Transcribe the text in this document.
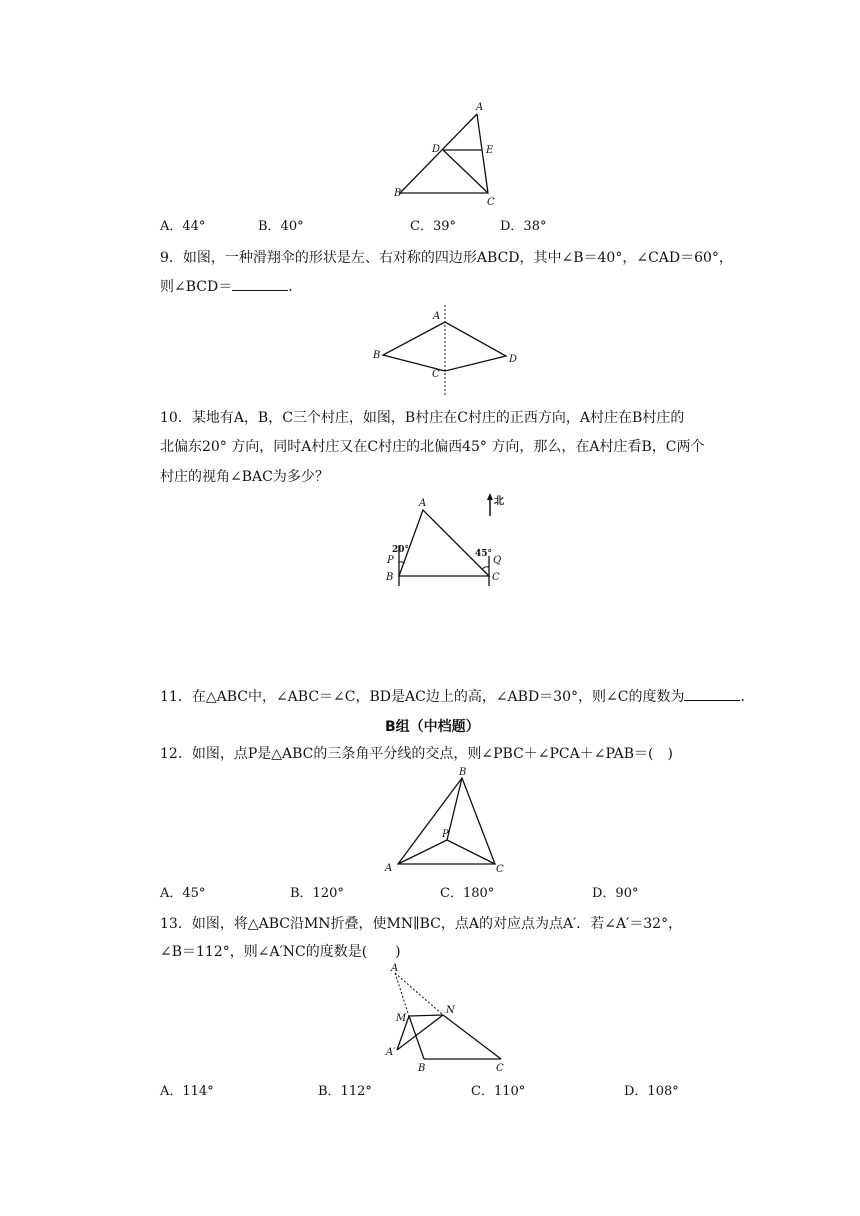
A
D	E
B
C
A．44°	B．40°	C．39°	D．38°
9．如图，一种滑翔伞的形状是左、右对称的四边形ABCD，其中∠B＝40°，∠CAD＝60°，
则∠BCD＝	．
A
B
C
D
10．某地有A，B，C三个村庄，如图，B村庄在C村庄的正西方向，A村庄在B村庄的
北偏东20° 方向，同时A村庄又在C村庄的北偏西45° 方向，那么，在A村庄看B，C两个
村庄的视角∠BAC为多少？
北
A
20°
P
B
45°
Q
C
11．在△ABC中，∠ABC＝∠C，BD是AC边上的高，∠ABD＝30°，则∠C的度数为	．
B组（中档题）
12．如图，点P是△ABC的三条角平分线的交点，则∠PBC＋∠PCA＋∠PAB＝(　)
B
P
A	C
A．45°	B．120°	C．180°	D．90°
13．如图，将△ABC沿MN折叠，使MN∥BC，点A的对应点为点A′．若∠A′＝32°，
∠B＝112°，则∠A′NC的度数是(　　)
A
M
N
A′
B	C
A．114°	B．112°	C．110°	D．108°
